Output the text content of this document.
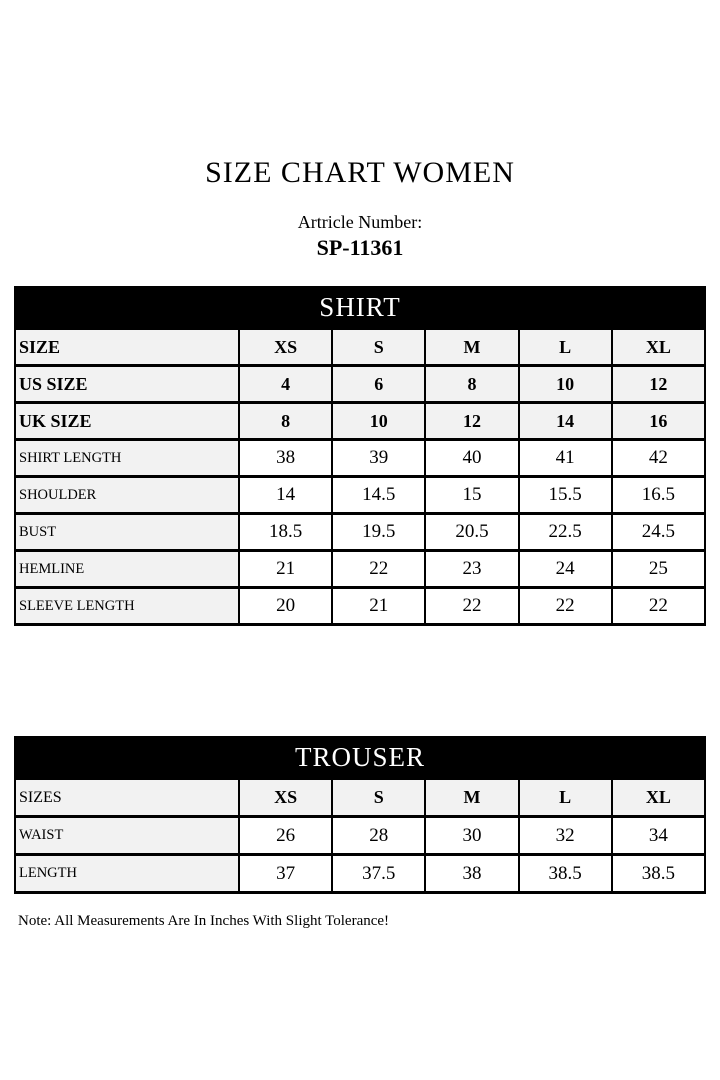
SIZE CHART WOMEN
Artricle Number:
SP-11361
SHIRT					
SIZE	XS	S	M	L	XL
US SIZE	4	6	8	10	12
UK SIZE	8	10	12	14	16
SHIRT LENGTH	38	39	40	41	42
SHOULDER	14	14.5	15	15.5	16.5
BUST	18.5	19.5	20.5	22.5	24.5
HEMLINE	21	22	23	24	25
SLEEVE LENGTH	20	21	22	22	22
TROUSER					
SIZES	XS	S	M	L	XL
WAIST	26	28	30	32	34
LENGTH	37	37.5	38	38.5	38.5
Note: All Measurements Are In Inches With Slight Tolerance!
